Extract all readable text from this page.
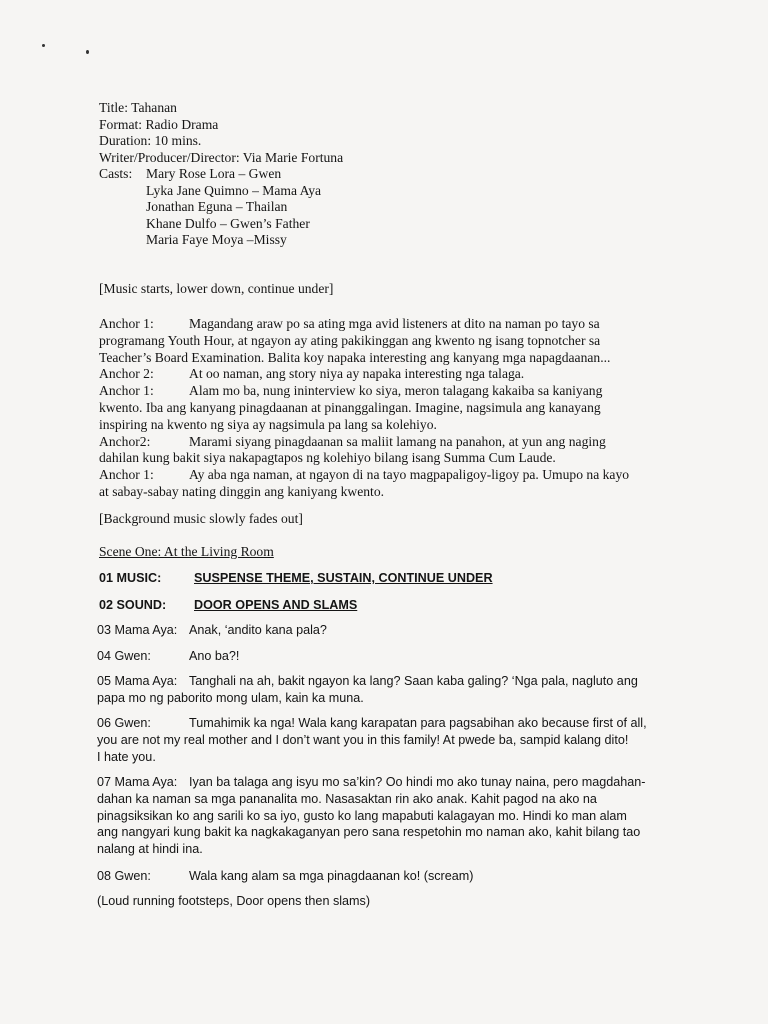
Title: Tahanan
Format: Radio Drama
Duration: 10 mins.
Writer/Producer/Director: Via Marie Fortuna
Casts:	Mary Rose Lora – Gwen
Lyka Jane Quimno – Mama Aya
Jonathan Eguna – Thailan
Khane Dulfo – Gwen’s Father
Maria Faye Moya –Missy
[Music starts, lower down, continue under]
Anchor 1:	Magandang araw po sa ating mga avid listeners at dito na naman po tayo sa
programang Youth Hour, at ngayon ay ating pakikinggan ang kwento ng isang topnotcher sa
Teacher’s Board Examination. Balita koy napaka interesting ang kanyang mga napagdaanan...
Anchor 2:	At oo naman, ang story niya ay napaka interesting nga talaga.
Anchor 1:	Alam mo ba, nung ininterview ko siya, meron talagang kakaiba sa kaniyang
kwento. Iba ang kanyang pinagdaanan at pinanggalingan. Imagine, nagsimula ang kanayang
inspiring na kwento ng siya ay nagsimula pa lang sa kolehiyo.
Anchor2:	Marami siyang pinagdaanan sa maliit lamang na panahon, at yun ang naging
dahilan kung bakit siya nakapagtapos ng kolehiyo bilang isang Summa Cum Laude.
Anchor 1:	Ay aba nga naman, at ngayon di na tayo magpapaligoy-ligoy pa. Umupo na kayo
at sabay-sabay nating dinggin ang kaniyang kwento.
[Background music slowly fades out]
Scene One: At the Living Room
01 MUSIC:	SUSPENSE THEME, SUSTAIN, CONTINUE UNDER
02 SOUND: DOOR OPENS AND SLAMS
03 Mama Aya: Anak, ‘andito kana pala?
04 Gwen:	Ano ba?!
05 Mama Aya: Tanghali na ah, bakit ngayon ka lang? Saan kaba galing? ‘Nga pala, nagluto ang
papa mo ng paborito mong ulam, kain ka muna.
06 Gwen:	Tumahimik ka nga! Wala kang karapatan para pagsabihan ako because first of all,
you are not my real mother and I don’t want you in this family! At pwede ba, sampid kalang dito!
I hate you.
07 Mama Aya: Iyan ba talaga ang isyu mo sa’kin? Oo hindi mo ako tunay naina, pero magdahan-
dahan ka naman sa mga pananalita mo. Nasasaktan rin ako anak. Kahit pagod na ako na
pinagsiksikan ko ang sarili ko sa iyo, gusto ko lang mapabuti kalagayan mo. Hindi ko man alam
ang nangyari kung bakit ka nagkakaganyan pero sana respetohin mo naman ako, kahit bilang tao
nalang at hindi ina.
08 Gwen:	Wala kang alam sa mga pinagdaanan ko! (scream)
(Loud running footsteps, Door opens then slams)
